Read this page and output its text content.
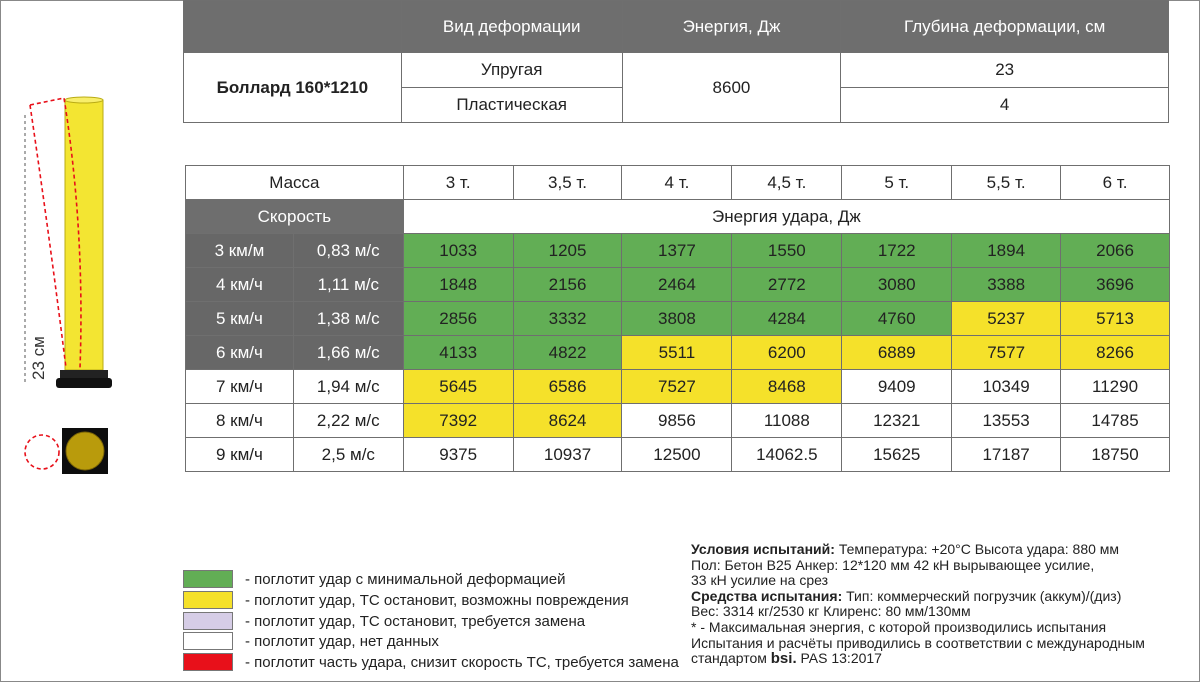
23 см
	Вид деформации	Энергия, Дж	Глубина деформации, см
Боллард 160*1210	Упругая	8600	23
	Пластическая		4
Масса		3 т.	3,5 т.	4 т.	4,5 т.	5 т.	5,5 т.	6 т.
Скорость		Энергия удара, Дж						
3 км/м	0,83 м/с	1033	1205	1377	1550	1722	1894	2066
4 км/ч	1,11 м/с	1848	2156	2464	2772	3080	3388	3696
5 км/ч	1,38 м/с	2856	3332	3808	4284	4760	5237	5713
6 км/ч	1,66 м/с	4133	4822	5511	6200	6889	7577	8266
7 км/ч	1,94 м/с	5645	6586	7527	8468	9409	10349	11290
8 км/ч	2,22 м/с	7392	8624	9856	11088	12321	13553	14785
9 км/ч	2,5 м/с	9375	10937	12500	14062.5	15625	17187	18750
- поглотит удар с минимальной деформацией
- поглотит удар, ТС остановит, возможны повреждения
- поглотит удар, ТС остановит, требуется замена
- поглотит удар, нет данных
- поглотит часть удара, снизит скорость ТС, требуется замена
Условия испытаний: Температура: +20°С Высота удара: 880 мм
Пол: Бетон В25 Анкер: 12*120 мм 42 кН вырывающее усилие,
33 кН усилие на срез
Средства испытания: Тип: коммерческий погрузчик (аккум)/(диз)
Вес: 3314 кг/2530 кг Клиренс: 80 мм/130мм
* - Максимальная энергия, с которой производились испытания
Испытания и расчёты приводились в соответствии с международным
стандартом bsi. PAS 13:2017
